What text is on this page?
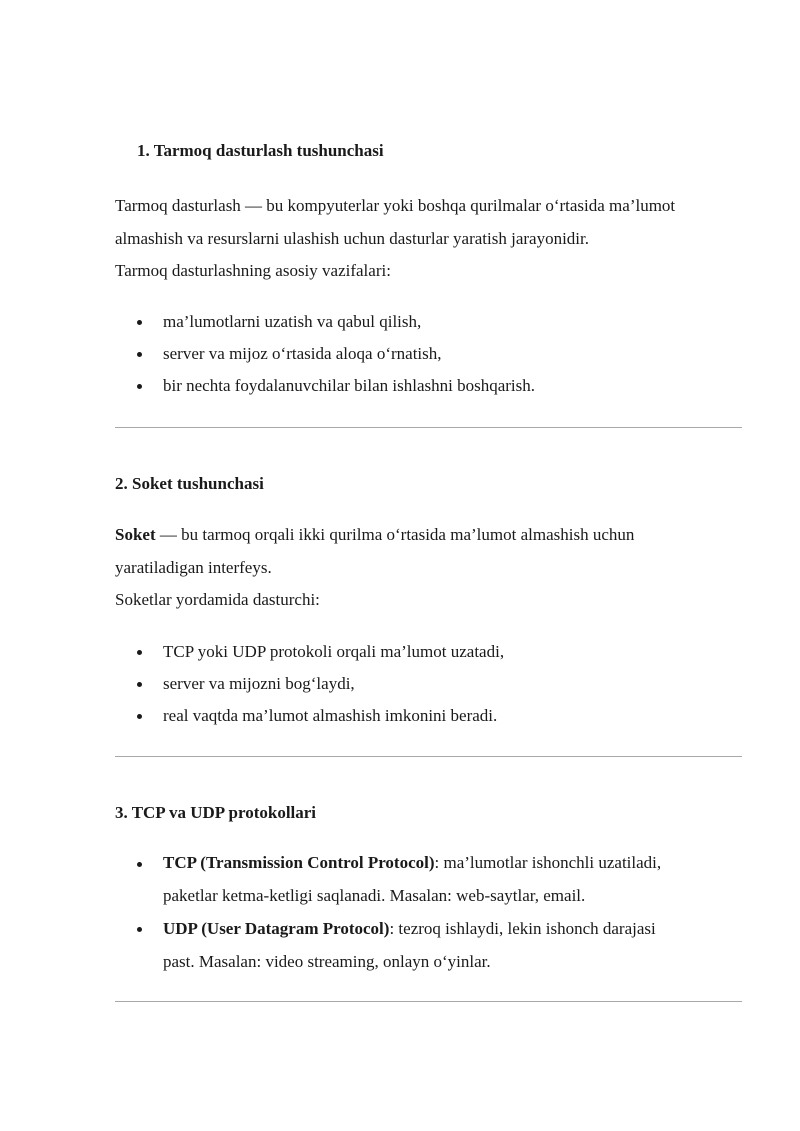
1. Tarmoq dasturlash tushunchasi
Tarmoq dasturlash — bu kompyuterlar yoki boshqa qurilmalar o‘rtasida ma’lumot
almashish va resurslarni ulashish uchun dasturlar yaratish jarayonidir.
Tarmoq dasturlashning asosiy vazifalari:
ma’lumotlarni uzatish va qabul qilish,
server va mijoz o‘rtasida aloqa o‘rnatish,
bir nechta foydalanuvchilar bilan ishlashni boshqarish.
2. Soket tushunchasi
Soket — bu tarmoq orqali ikki qurilma o‘rtasida ma’lumot almashish uchun
yaratiladigan interfeys.
Soketlar yordamida dasturchi:
TCP yoki UDP protokoli orqali ma’lumot uzatadi,
server va mijozni bog‘laydi,
real vaqtda ma’lumot almashish imkonini beradi.
3. TCP va UDP protokollari
TCP (Transmission Control Protocol): ma’lumotlar ishonchli uzatiladi,
paketlar ketma-ketligi saqlanadi. Masalan: web-saytlar, email.
UDP (User Datagram Protocol): tezroq ishlaydi, lekin ishonch darajasi
past. Masalan: video streaming, onlayn o‘yinlar.
